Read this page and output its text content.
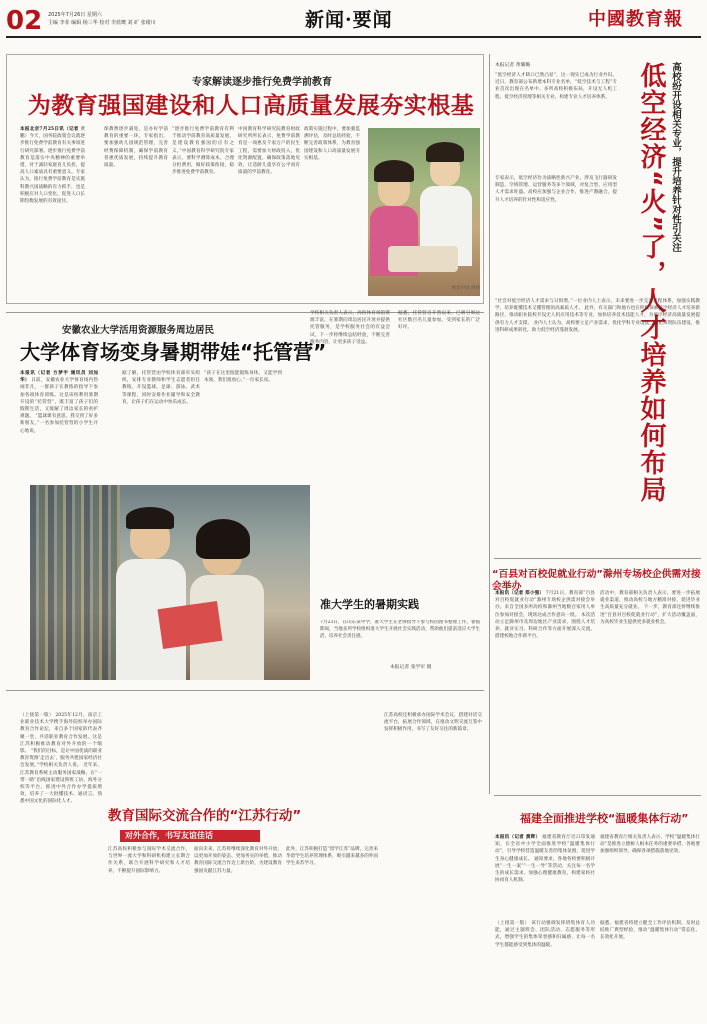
02 2025年7月26日 星期六
主编 李菲 编辑 杨三华 校对 李蓝鹰 刘 矿 张绪川	新闻·要闻	中國教育報
专家解读逐步推行免费学前教育
为教育强国建设和人口高质量发展夯实根基
本报北京7月25日讯（记者 黄鹏）今天，国务院政策会议就逐步推行免费学前教育有关事项进行研究部署。逐步推行免费学前教育是落实中央精神的重要举措，对于减轻家庭育儿负担、提高人口素质具有重要意义。专家认为，推行免费学前教育是实施科教兴国战略的有力抓手，也是积极应对人口变化、促进人口长期均衡发展的有效途径。
保教费逐步减免，是办好学前教育的重要一环。专家指出，要加强幼儿园规范管理，完善经费保障机制，确保学前教育普惠优质发展，持续提升教育质量。
“逐步推行免费学前教育有利于推动学前教育高质量发展，是建设教育强国的应有之义。”中国教育科学研究院专家表示，要科学测算成本，合理分担费用，做好政策衔接，稳步推进免费学前教育。
中国教育科学研究院教育财政研究所所长表示，免费学前教育是一项惠及千家万户的民生工程，需要加大财政投入，优化资源配置，确保政策落地见效，让适龄儿童享有公平而有质量的学前教育。
政策实施过程中，要加强监测评估，及时总结经验，不断完善政策体系，为教育强国建设和人口高质量发展夯实根基。
视觉中国 供图
高校纷开设相关专业，提升培养针对性引关注
低空经济“火”了，人才培养如何布局
本报记者 黄璐璐
“低空经济人才缺口已然凸显”，这一现实已成为行业共识。 近日，教育部公布新增本科专业名单，“低空技术与工程”专业首次出现在名单中。多所高校积极布局，开设无人机工程、低空经济管理等相关专业，构建专业人才培养体系。
专家表示，低空经济作为战略性新兴产业，涉及飞行器研发制造、空域管理、运营服务等多个领域，对复合型、应用型人才需求旺盛。高校应加强与企业合作，推进产教融合，提升人才培养的针对性和适应性。
“社会对低空经济人才需求与日俱增。”一位业内人士表示，未来要进一步完善课程体系，加强实践教学，培养既懂技术又懂管理的高素质人才。 此外，有关部门和地方也在积极探索低空经济人才培养新路径，推动职业院校开设无人机应用技术等专业，加快培养技术技能人才，为低空经济高质量发展提供有力人才支撑。 业内人士认为，高校要立足产业需求，优化学科专业设置，强化师资队伍建设，推进科研成果转化，助力低空经济蓬勃发展。
安徽农业大学活用资源服务周边居民
大学体育场变身暑期带娃“托管营”
本报讯（记者 方梦宇 通讯员 刘加华） 日前，安徽农业大学体育场内热闹非凡，一群孩子在教练的指导下参加各项体育训练。这是该校利用暑期开设的“托管营”，既丰富了孩子们的假期生活，又缓解了周边家长的看护难题。 “篮球课有意思，我交到了好多新朋友。”一名参加托管营的小学生开心地说。
据了解，托管营由学校体育部牵头组织，安排专业教师和学生志愿者担任教练，开设篮球、足球、游泳、武术等课程，同时安排作业辅导和安全教育，让孩子们在运动中快乐成长。
“孩子在这里既能锻炼身体，又能学到本领，我们很放心。”一位家长说。
学校相关负责人表示，高校体育场馆资源丰富，在暑期向周边居民开放并提供托管服务，是学校服务社会的有益尝试，下一步将继续总结经验，不断完善服务内容，让更多孩子受益。
据悉，托管营自开营以来，已吸引周边社区数百名儿童参加，受到家长的广泛好评。
准大学生的暑期实践
7月23日，在山东某中学，准大学生在老师指导下参与校园图书整理工作。暑假期间，当地多所学校组织准大学生开展社会实践活动，帮助他们提前适应大学生活，培养社会责任感。
本报记者 张学军 摄
“百县对百校促就业行动”滁州专场校企供需对接会举办
本报讯（记者 郑小强） 7月21日，教育部“百县对百校促就业行动”滁州专场校企供需对接会举办。来自全国多所高校和滁州当地数百家用人单位参加对接会，现场达成合作意向一批。 本次活动立足滁州市及周边地区产业需求，围绕人才培养、就业实习、科研合作等方面开展深入交流，搭建校地合作新平台。
活动中，教育部相关负责人表示，要进一步拓展就业渠道，推动高校与地方精准对接，促进毕业生高质量充分就业。 下一步，教育部还将继续推进“百县对百校促就业行动”，扩大活动覆盖面，为高校毕业生提供更多就业机会。
（上接第一版） 2025年12月，南京工业职业技术大学携手海外院校举办国际教育合作论坛，来自多个国家的代表齐聚一堂，共话职业教育合作发展。这是江苏积极推动教育对外开放的一个缩影。 “我们的目标，是让中国优质的职业教育资源‘走出去’，服务共建国家经济社会发展。”学校相关负责人说。 近年来，江苏教育系统主动服务国家战略，在“一带一路”沿线国家建设鲁班工坊、海外分校等平台，推进中外合作办学提质增效，培养了一大批懂技术、通语言、熟悉中国文化的国际化人才。
教育国际交流合作的“江苏行动”
对外合作，书写友谊佳话
江苏高校积极参与国际学术交流合作，与世界一流大学和科研机构建立长期合作关系，联合开展科学研究和人才培养，不断提升国际影响力。
面向未来，江苏将继续深化教育对外开放，以更加开放的姿态、更加务实的举措，推动教育国际交流合作迈上新台阶，为建设教育强国贡献江苏力量。
此外，江苏积极打造“留学江苏”品牌，完善来华留学生培养管理体系，吸引越来越多的外国学生来苏学习。
江苏高校还积极承办国际学术会议，搭建对话交流平台，拓展合作领域，在推动文明交流互鉴中发挥积极作用，书写了友好交往的新篇章。
福建全面推进学校“温暖集体行动”
本报讯（记者 黄晖） 福建省教育厅近日印发通知，在全省中小学全面推进学校“温暖集体行动”，引导学校营造温暖友善的集体氛围，促进学生身心健康成长。 通知要求，各地各校要积极开展“一生一案”“一生一导”等活动，关注每一名学生的成长需求，加强心理健康教育，构建家校社协同育人机制。
福建省教育厅相关负责人表示，学校“温暖集体行动”是推进立德树人根本任务的重要举措，各地要加强组织领导，确保各项措施落地见效。
（上接第一版） 该行动强调发挥班集体育人功能，通过主题班会、团队活动、志愿服务等形式，增强学生的集体荣誉感和归属感，让每一名学生都能感受到集体的温暖。
据悉，福建省将建立健全工作评估机制，及时总结推广典型经验，推动“温暖集体行动”常态化、长效化开展。
